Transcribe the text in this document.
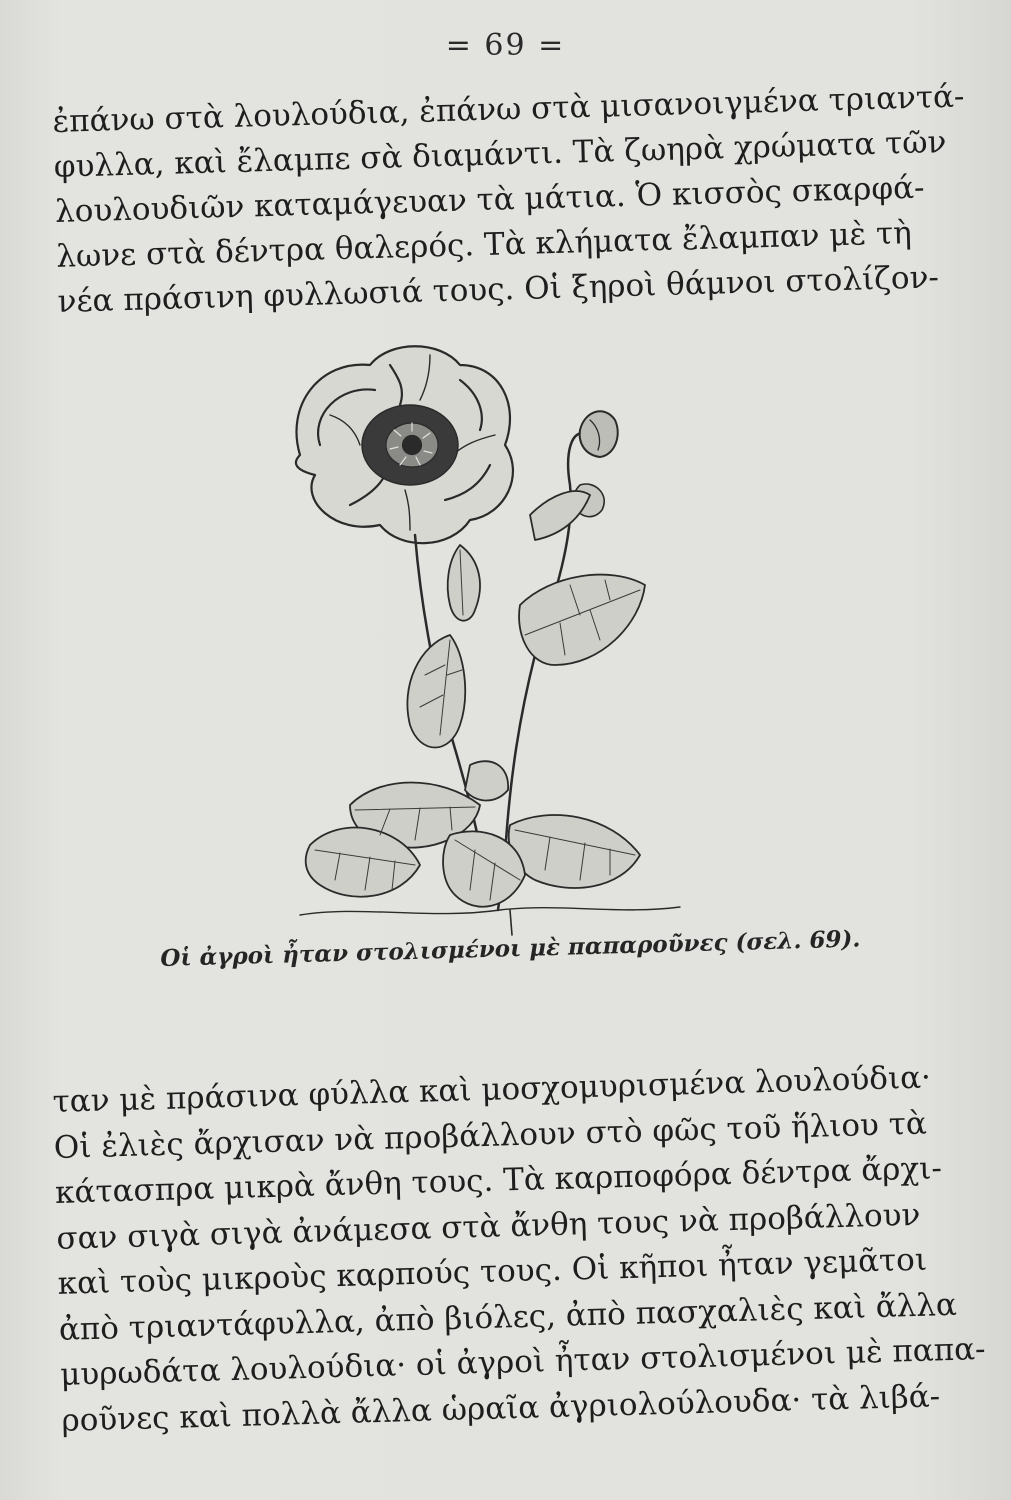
= 69 =
ἐπάνω στὰ λουλούδια, ἐπάνω στὰ μισανοιγμένα τριαντά-
φυλλα, καὶ ἔλαμπε σὰ διαμάντι. Τὰ ζωηρὰ χρώματα τῶν
λουλουδιῶν καταμάγευαν τὰ μάτια. Ὁ κισσὸς σκαρφά-
λωνε στὰ δέντρα θαλερός. Τὰ κλήματα ἔλαμπαν μὲ τὴ
νέα πράσινη φυλλωσιά τους. Οἱ ξηροὶ θάμνοι στολίζον-
Οἱ ἀγροὶ ἦταν στολισμένοι μὲ παπαροῦνες (σελ. 69).
ταν μὲ πράσινα φύλλα καὶ μοσχομυρισμένα λουλούδια·
Οἱ ἐλιὲς ἄρχισαν νὰ προβάλλουν στὸ φῶς τοῦ ἥλιου τὰ
κάτασπρα μικρὰ ἄνθη τους. Τὰ καρποφόρα δέντρα ἄρχι-
σαν σιγὰ σιγὰ ἀνάμεσα στὰ ἄνθη τους νὰ προβάλλουν
καὶ τοὺς μικροὺς καρπούς τους. Οἱ κῆποι ἦταν γεμᾶτοι
ἀπὸ τριαντάφυλλα, ἀπὸ βιόλες, ἀπὸ πασχαλιὲς καὶ ἄλλα
μυρωδάτα λουλούδια· οἱ ἀγροὶ ἦταν στολισμένοι μὲ παπα-
ροῦνες καὶ πολλὰ ἄλλα ὡραῖα ἀγριολούλουδα· τὰ λιβά-
